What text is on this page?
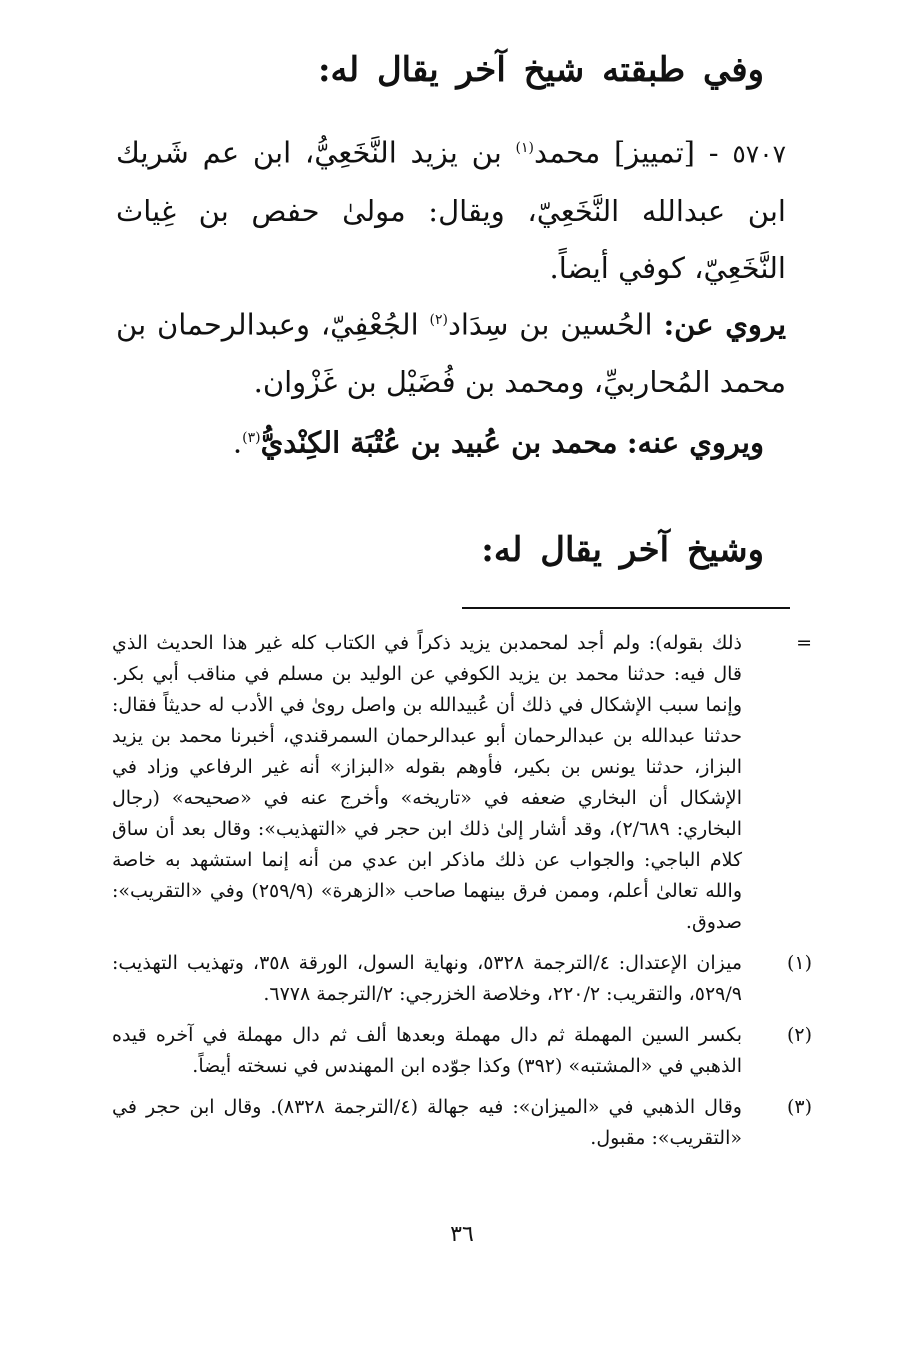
وفي طبقته شيخ آخر يقال له:
٥٧٠٧ - [تمييز] محمد$^{(١)}$ بن يزيد النَّخَعِيُّ، ابن عم شَريك ابن عبدالله النَّخَعِيّ، ويقال: مولىٰ حفص بن غِياث النَّخَعِيّ، كوفي أيضاً.
يروي عن: الحُسين بن سِدَاد$^{(٢)}$ الجُعْفِيّ، وعبدالرحمان بن محمد المُحاربيِّ، ومحمد بن فُضَيْل بن غَزْوان.
ويروي عنه: محمد بن عُبيد بن عُتْبَة الكِنْديُّ$^{(٣)}$.
وشيخ آخر يقال له:
=
ذلك بقوله): ولم أجد لمحمدبن يزيد ذكراً في الكتاب كله غير هذا الحديث الذي قال فيه: حدثنا محمد بن يزيد الكوفي عن الوليد بن مسلم في مناقب أبي بكر. وإنما سبب الإشكال في ذلك أن عُبيدالله بن واصل روىٰ في الأدب له حديثاً فقال: حدثنا عبدالله بن عبدالرحمان أبو عبدالرحمان السمرقندي، أخبرنا محمد بن يزيد البزاز، حدثنا يونس بن بكير، فأوهم بقوله «البزاز» أنه غير الرفاعي وزاد في الإشكال أن البخاري ضعفه في «تاريخه» وأخرج عنه في «صحيحه» (رجال البخاري: ٢/٦٨٩)، وقد أشار إلىٰ ذلك ابن حجر في «التهذيب»: وقال بعد أن ساق كلام الباجي: والجواب عن ذلك ماذكر ابن عدي من أنه إنما استشهد به خاصة والله تعالىٰ أعلم، وممن فرق بينهما صاحب «الزهرة» (٢٥٩/٩) وفي «التقريب»: صدوق.
(١)
ميزان الإعتدال: ٤/الترجمة ٥٣٢٨، ونهاية السول، الورقة ٣٥٨، وتهذيب التهذيب: ٥٢٩/٩، والتقريب: ٢٢٠/٢، وخلاصة الخزرجي: ٢/الترجمة ٦٧٧٨.
(٢)
بكسر السين المهملة ثم دال مهملة وبعدها ألف ثم دال مهملة في آخره قيده الذهبي في «المشتبه» (٣٩٢) وكذا جوّده ابن المهندس في نسخته أيضاً.
(٣)
وقال الذهبي في «الميزان»: فيه جهالة (٤/الترجمة ٨٣٢٨). وقال ابن حجر في «التقريب»: مقبول.
٣٦
